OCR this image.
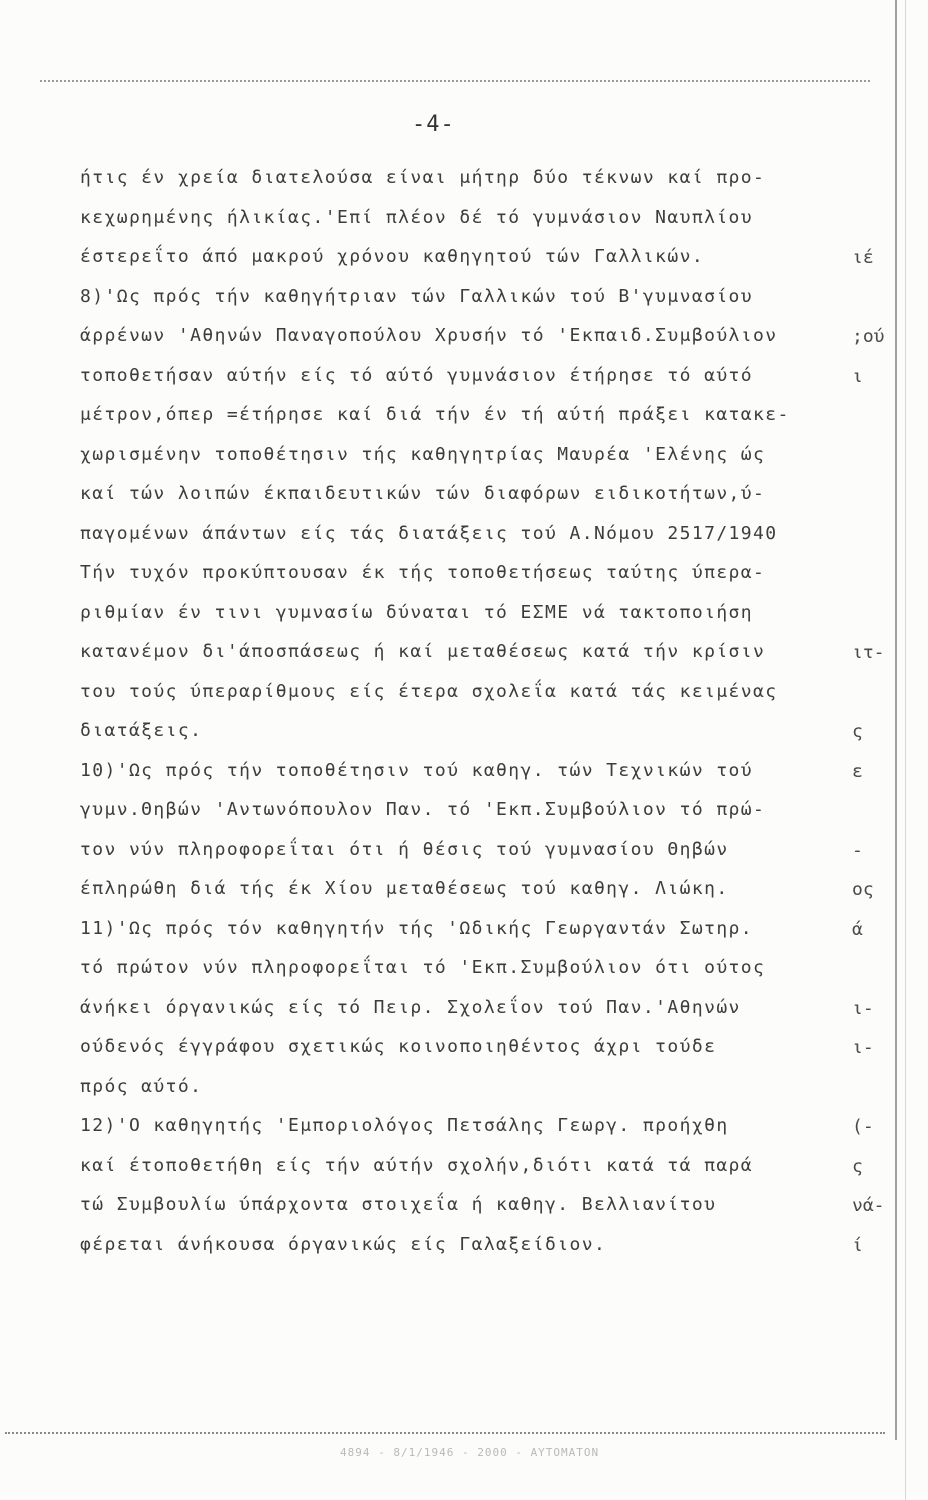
-4-
ήτις έν χρεία διατελούσα είναι μήτηρ δύο τέκνων καί προ-
κεχωρημένης ήλικίας.'Επί πλέον δέ τό γυμνάσιον Ναυπλίου
έστερεΐτο άπό μακρού χρόνου καθηγητού τών Γαλλικών.
8)'Ως πρός τήν καθηγήτριαν τών Γαλλικών τού Β'γυμνασίου
άρρένων 'Αθηνών Παναγοπούλου Χρυσήν τό 'Εκπαιδ.Συμβούλιον
τοποθετήσαν αύτήν είς τό αύτό γυμνάσιον έτήρησε τό αύτό
μέτρον,όπερ =έτήρησε καί διά τήν έν τή αύτή πράξει κατακε-
χωρισμένην τοποθέτησιν τής καθηγητρίας Μαυρέα 'Ελένης ώς
καί τών λοιπών έκπαιδευτικών τών διαφόρων ειδικοτήτων,ύ-
παγομένων άπάντων είς τάς διατάξεις τού Α.Νόμου 2517/1940
Τήν τυχόν προκύπτουσαν έκ τής τοποθετήσεως ταύτης ύπερα-
ριθμίαν έν τινι γυμνασίω δύναται τό ΕΣΜΕ νά τακτοποιήση
κατανέμον δι'άποσπάσεως ή καί μεταθέσεως κατά τήν κρίσιν
του τούς ύπεραρίθμους είς έτερα σχολεΐα κατά τάς κειμένας
διατάξεις.
10)'Ως πρός τήν τοποθέτησιν τού καθηγ. τών Τεχνικών τού
γυμν.Θηβών 'Αντωνόπουλον Παν. τό 'Εκπ.Συμβούλιον τό πρώ-
τον νύν πληροφορεΐται ότι ή θέσις τού γυμνασίου Θηβών
έπληρώθη διά τής έκ Χίου μεταθέσεως τού καθηγ. Λιώκη.
11)'Ως πρός τόν καθηγητήν τής 'Ωδικής Γεωργαντάν Σωτηρ.
τό πρώτον νύν πληροφορεΐται τό 'Εκπ.Συμβούλιον ότι ούτος
άνήκει όργανικώς είς τό Πειρ. Σχολεΐον τού Παν.'Αθηνών
ούδενός έγγράφου σχετικώς κοινοποιηθέντος άχρι τούδε
πρός αύτό.
12)'Ο καθηγητής 'Εμποριολόγος Πετσάλης Γεωργ. προήχθη
καί έτοποθετήθη είς τήν αύτήν σχολήν,διότι κατά τά παρά
τώ Συμβουλίω ύπάρχοντα στοιχεΐα ή καθηγ. Βελλιανίτου
φέρεται άνήκουσα όργανικώς είς Γαλαξείδιον.
ιέ
;ού
ι
ιτ-
ς
ε
-
ος
ά
ι-
ι-
(-
ς
νά-
ί
4894 - 8/1/1946 - 2000 - ΑΥΤΟΜΑΤΟΝ
